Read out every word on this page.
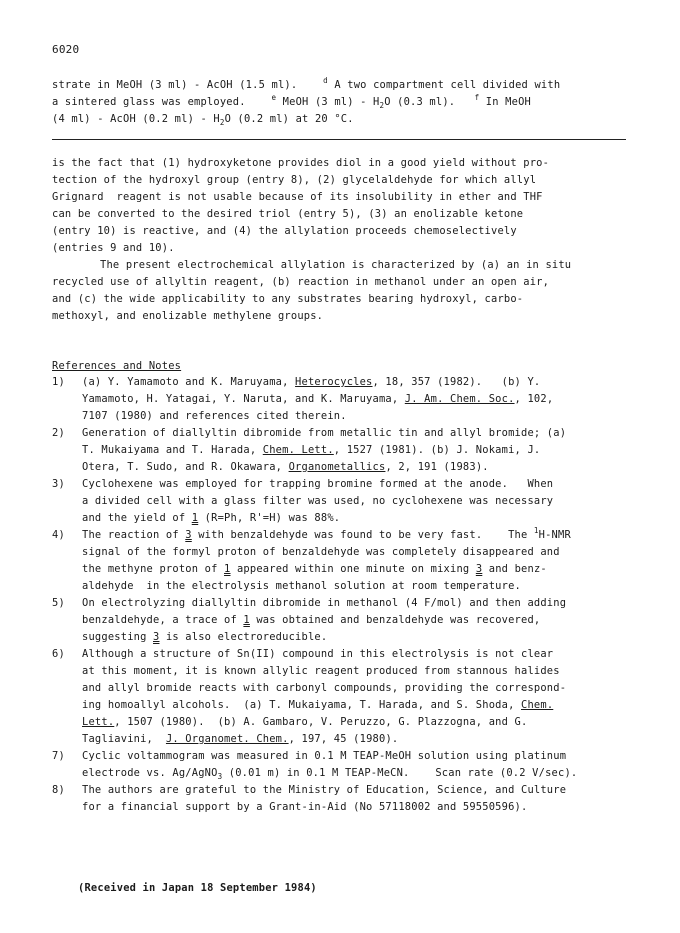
6020
strate in MeOH (3 ml) - AcOH (1.5 ml).	$^d$ A two compartment cell divided with
a sintered glass was employed.	$^e$ MeOH (3 $ml) - H_2O$ (0.3 ml).	$^f$ In MeOH
(4 ml) - AcOH (0.2 $ml) - H_2O$ (0.2 ml) at 20 °C.
is the fact that (1) hydroxyketone provides diol in a good yield without pro-
tection of the hydroxyl group (entry 8), (2) glycelaldehyde for which allyl
Grignard  reagent is not usable because of its insolubility in ether and THF
can be converted to the desired triol (entry 5), (3) an enolizable ketone
(entry 10) is reactive, and (4) the allylation proceeds chemoselectively
(entries 9 and 10).
The present electrochemical allylation is characterized by (a) an in situ
recycled use of allyltin reagent, (b) reaction in methanol under an open air,
and (c) the wide applicability to any substrates bearing hydroxyl, carbo-
methoxyl, and enolizable methylene groups.
References and Notes
1)	(a) Y. Yamamoto and K. Maruyama, Heterocycles, 18, 357 (1982).   (b) Y.
Yamamoto, H. Yatagai, Y. Naruta, and K. Maruyama, J. Am. Chem. Soc., 102,
7107 (1980) and references cited therein.
2)	Generation of diallyltin dibromide from metallic tin and allyl bromide; (a)
T. Mukaiyama and T. Harada, Chem. Lett., 1527 (1981). (b) J. Nokami, J.
Otera, T. Sudo, and R. Okawara, Organometallics, 2, 191 (1983).
3)	Cyclohexene was employed for trapping bromine formed at the anode.   When
a divided cell with a glass filter was used, no cyclohexene was necessary
and the yield of 1 (R=Ph, R'=H) was 88%.
4)	The reaction of 3 with benzaldehyde was found to be very fast.    The $^1$H-NMR
signal of the formyl proton of benzaldehyde was completely disappeared and
the methyne proton of 1 appeared within one minute on mixing 3 and benz-
aldehyde  in the electrolysis methanol solution at room temperature.
5)	On electrolyzing diallyltin dibromide in methanol (4 F/mol) and then adding
benzaldehyde, a trace of 1 was obtained and benzaldehyde was recovered,
suggesting 3 is also electroreducible.
6)	Although a structure of Sn(II) compound in this electrolysis is not clear
at this moment, it is known allylic reagent produced from stannous halides
and allyl bromide reacts with carbonyl compounds, providing the correspond-
ing homoallyl alcohols.  (a) T. Mukaiyama, T. Harada, and S. Shoda, Chem.
Lett., 1507 (1980).  (b) A. Gambaro, V. Peruzzo, G. Plazzogna, and G.
Tagliavini,  J. Organomet. Chem., 197, 45 (1980).
7)	Cyclic voltammogram was measured in 0.1 M TEAP-MeOH solution using platinum
electrode vs. Ag/AgNO$_3$ (0.01 m) in 0.1 M TEAP-MeCN.    Scan rate (0.2 V/sec).
8)	The authors are grateful to the Ministry of Education, Science, and Culture
for a financial support by a Grant-in-Aid (No 57118002 and 59550596).
(Received in Japan 18 September 1984)
